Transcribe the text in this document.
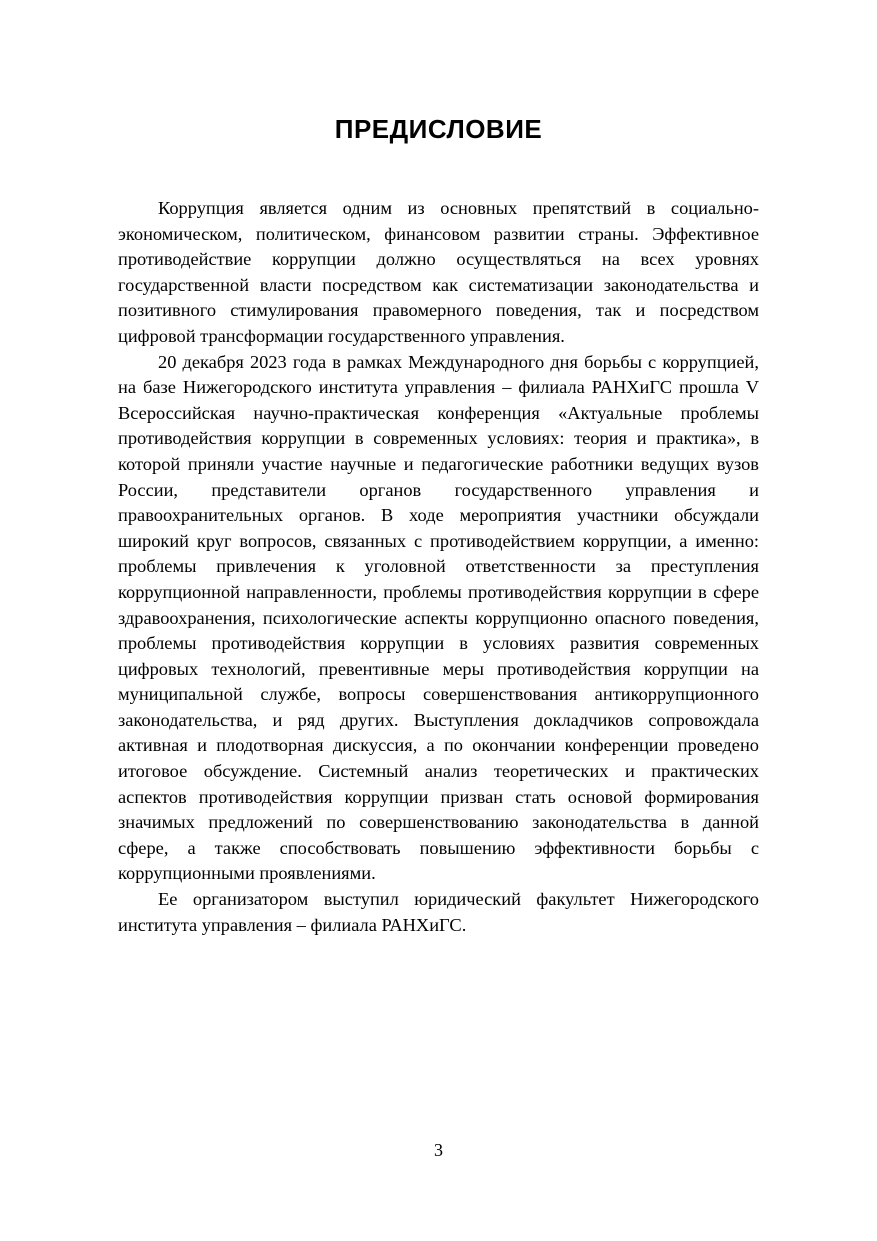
ПРЕДИСЛОВИЕ

Коррупция является одним из основных препятствий в социально-экономическом, политическом, финансовом развитии страны. Эффективное противодействие коррупции должно осуществляться на всех уровнях государственной власти посредством как систематизации законодательства и позитивного стимулирования правомерного поведения, так и посредством цифровой трансформации государственного управления.

20 декабря 2023 года в рамках Международного дня борьбы с коррупцией, на базе Нижегородского института управления – филиала РАНХиГС прошла V Всероссийская научно-практическая конференция «Актуальные проблемы противодействия коррупции в современных условиях: теория и практика», в которой приняли участие научные и педагогические работники ведущих вузов России, представители органов государственного управления и правоохранительных органов. В ходе мероприятия участники обсуждали широкий круг вопросов, связанных с противодействием коррупции, а именно: проблемы привлечения к уголовной ответственности за преступления коррупционной направленности, проблемы противодействия коррупции в сфере здравоохранения, психологические аспекты коррупционно опасного поведения, проблемы противодействия коррупции в условиях развития современных цифровых технологий, превентивные меры противодействия коррупции на муниципальной службе, вопросы совершенствования антикоррупционного законодательства, и ряд других. Выступления докладчиков сопровождала активная и плодотворная дискуссия, а по окончании конференции проведено итоговое обсуждение. Системный анализ теоретических и практических аспектов противодействия коррупции призван стать основой формирования значимых предложений по совершенствованию законодательства в данной сфере, а также способствовать повышению эффективности борьбы с коррупционными проявлениями.

Ее организатором выступил юридический факультет Нижегородского института управления – филиала РАНХиГС.

3
